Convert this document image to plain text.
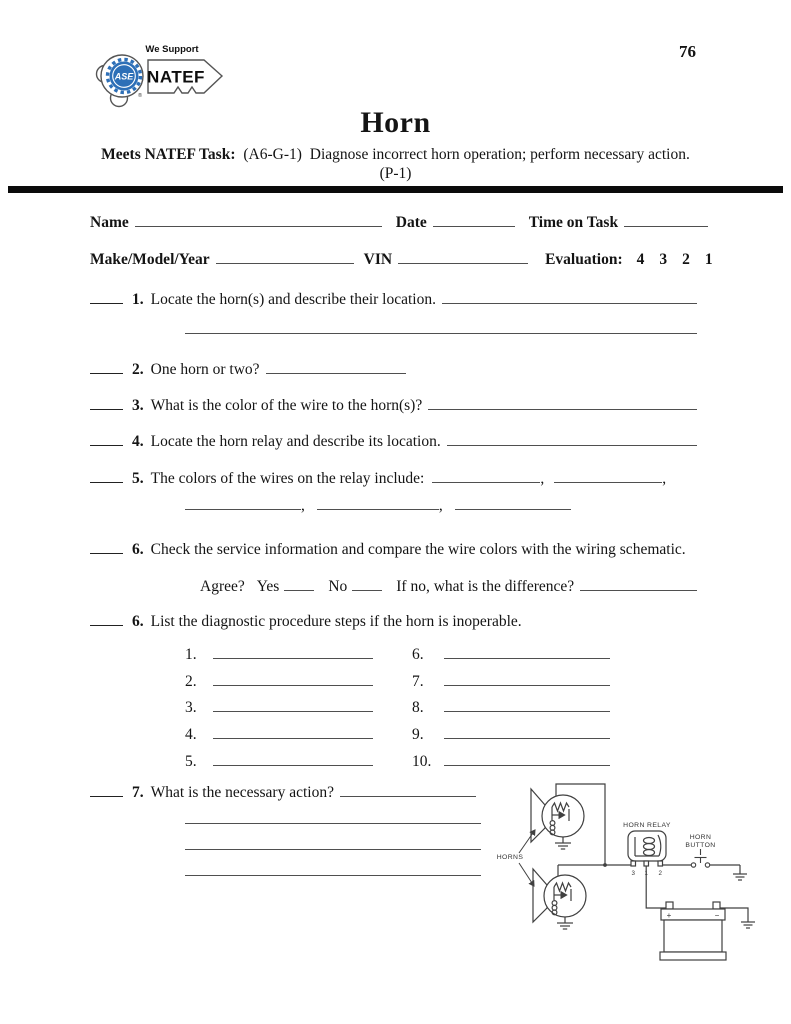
ASE
We Support
NATEF
®
76
Horn
Meets NATEF Task: (A6-G-1) Diagnose incorrect horn operation; perform necessary action.
(P-1)
Name	Date	Time on Task
Make/Model/Year	VIN	Evaluation: 4 3 2 1
1. Locate the horn(s) and describe their location.
2. One horn or two?
3. What is the color of the wire to the horn(s)?
4. Locate the horn relay and describe its location.
5. The colors of the wires on the relay include:	,	,
,	,
6. Check the service information and compare the wire colors with the wiring schematic.
Agree? Yes	No	If no, what is the difference?
6. List the diagnostic procedure steps if the horn is inoperable.
1.
2.
3.
4.
5.
6.
7.
8.
9.
10.
7. What is the necessary action?
HORNS
HORN RELAY
3 1 2
HORN
BUTTON
+	−
